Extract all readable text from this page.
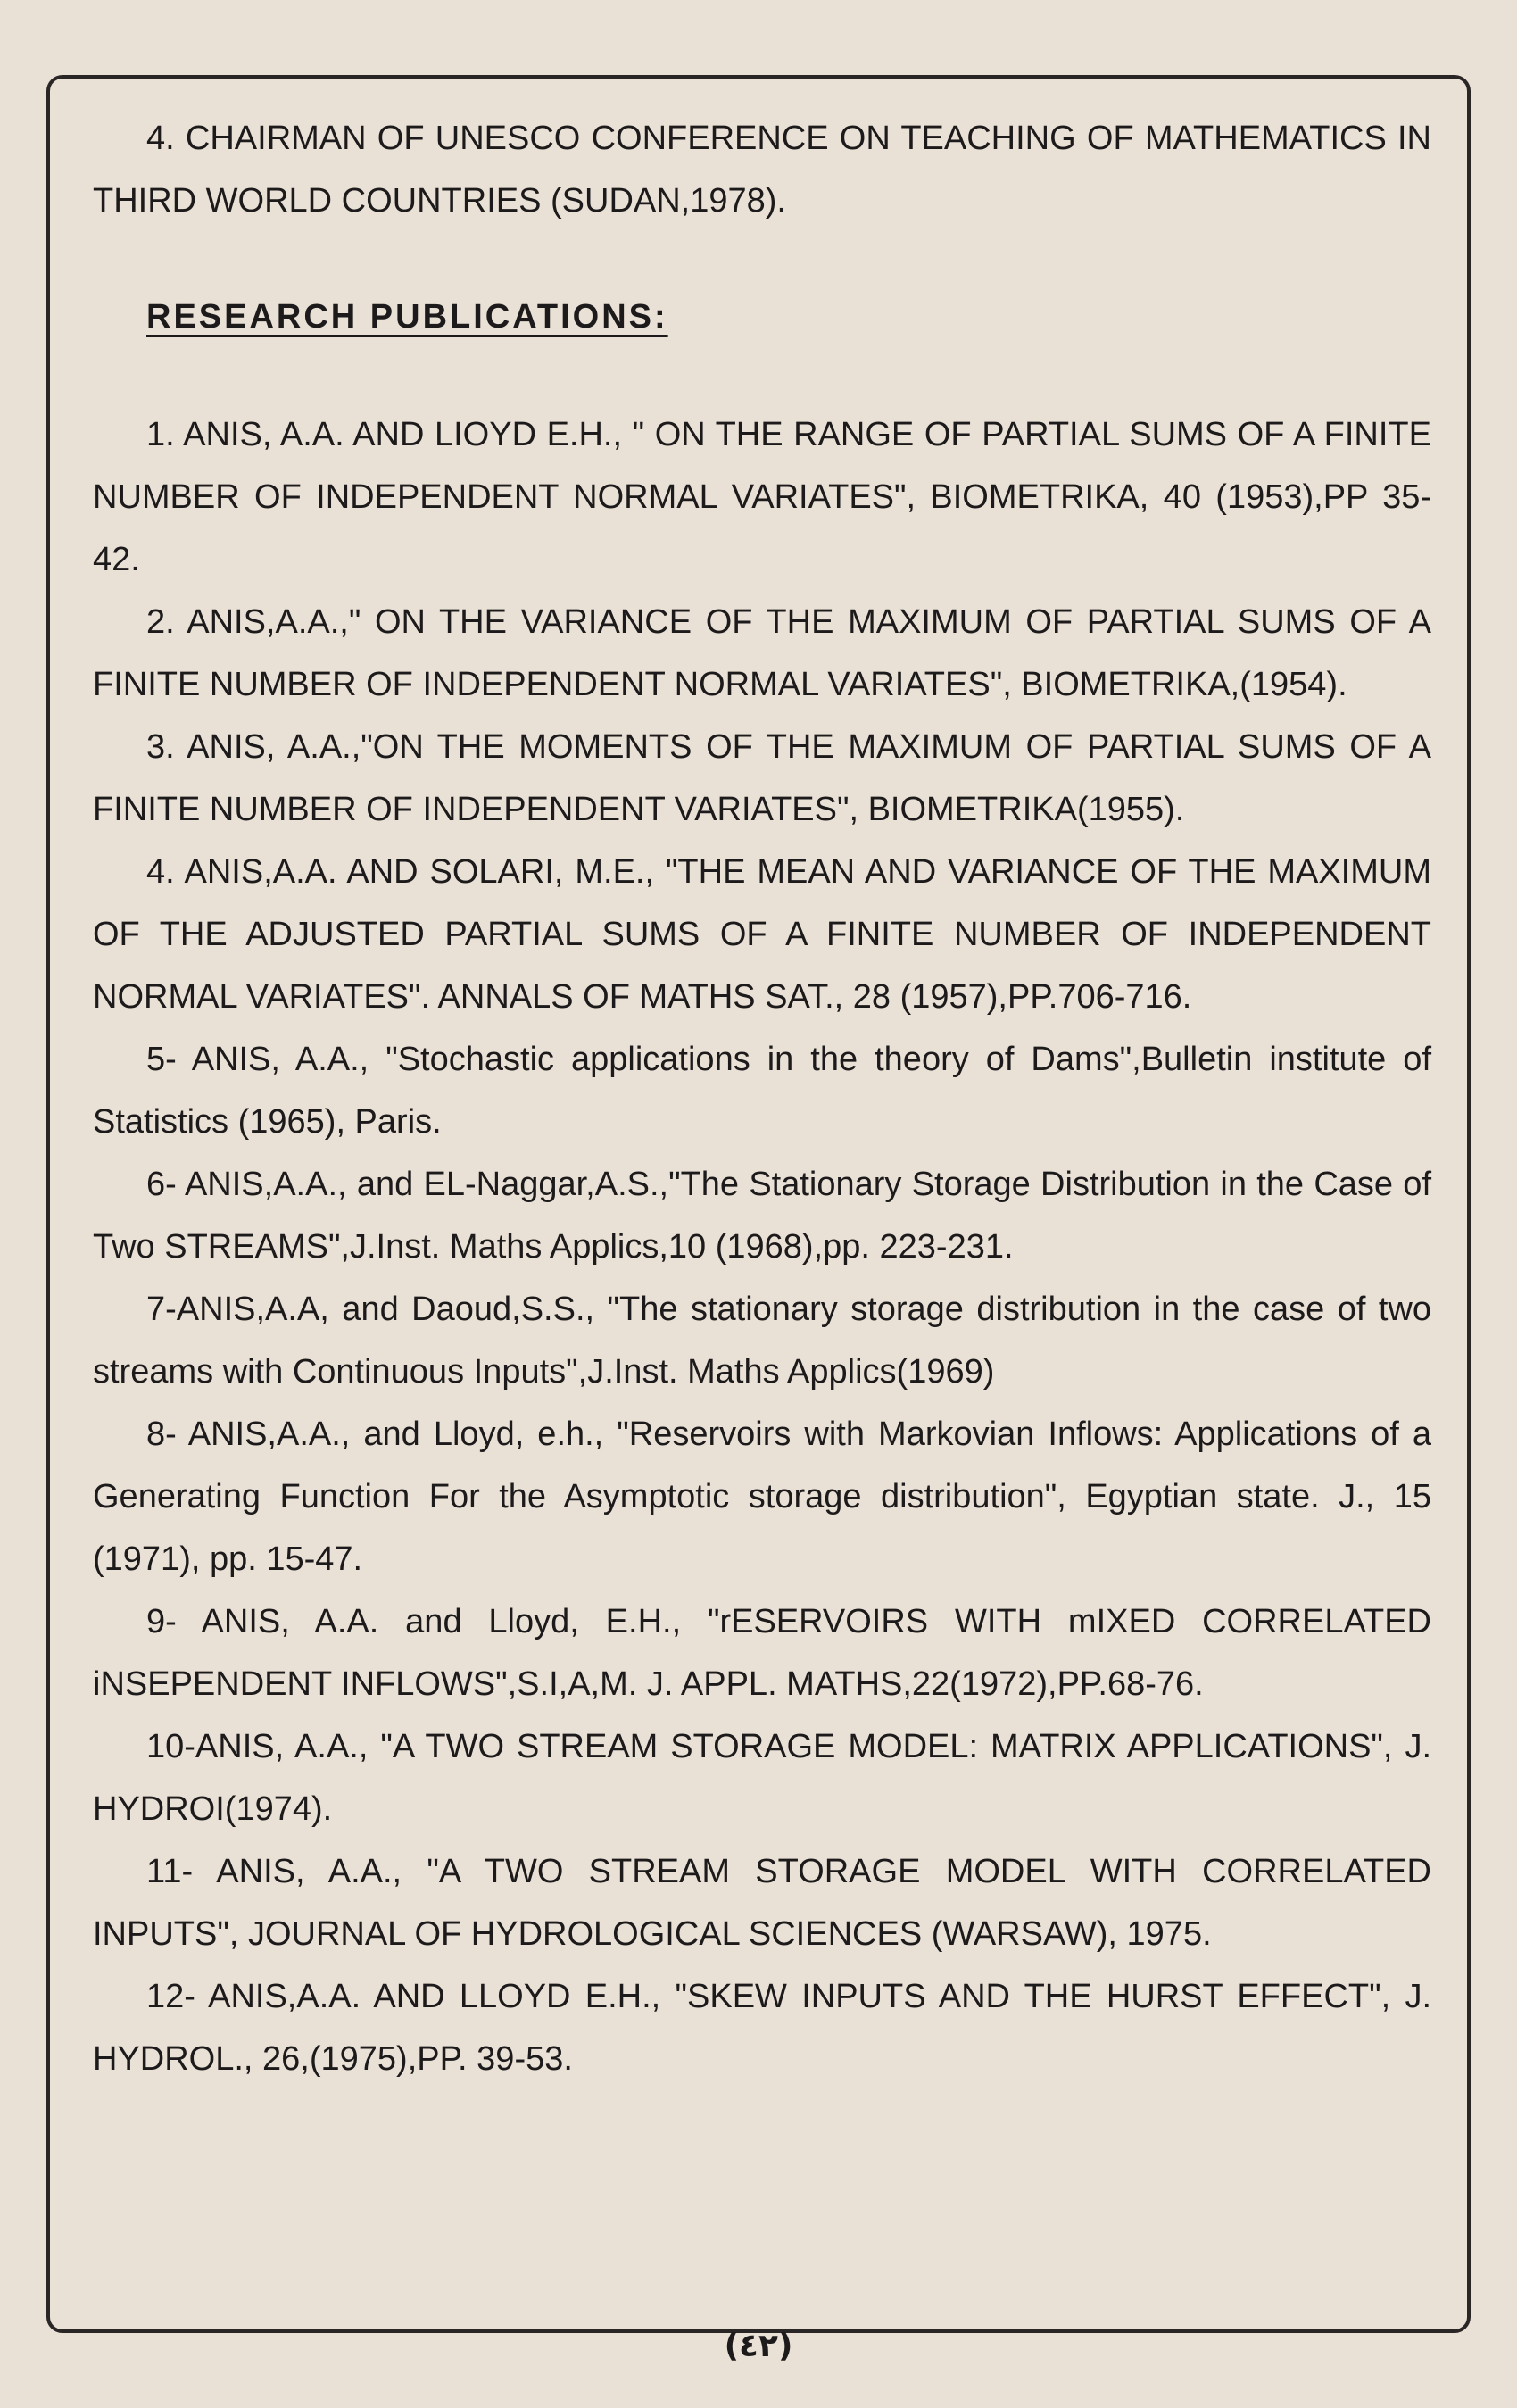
4. CHAIRMAN OF UNESCO CONFERENCE ON TEACHING OF MATHEMATICS IN THIRD WORLD COUNTRIES (SUDAN,1978).

RESEARCH PUBLICATIONS:

1. ANIS, A.A. AND LIOYD E.H., " ON THE RANGE OF PARTIAL SUMS OF A FINITE NUMBER OF INDEPENDENT NORMAL VARIATES", BIOMETRIKA, 40 (1953),PP 35-42.

2. ANIS,A.A.," ON THE VARIANCE OF THE MAXIMUM OF PARTIAL SUMS OF A FINITE NUMBER OF INDEPENDENT NORMAL VARIATES", BIOMETRIKA,(1954).

3. ANIS, A.A.,"ON THE MOMENTS OF THE MAXIMUM OF PARTIAL SUMS OF A FINITE NUMBER OF INDEPENDENT VARIATES", BIOMETRIKA(1955).

4. ANIS,A.A. AND SOLARI, M.E., "THE MEAN AND VARIANCE OF THE MAXIMUM OF THE ADJUSTED PARTIAL SUMS OF A FINITE NUMBER OF INDEPENDENT NORMAL VARIATES". ANNALS OF MATHS SAT., 28 (1957),PP.706-716.

5- ANIS, A.A., "Stochastic applications in the theory of Dams",Bulletin institute of Statistics (1965), Paris.

6- ANIS,A.A., and EL-Naggar,A.S.,"The Stationary Storage Distribution in the Case of Two STREAMS",J.Inst. Maths Applics,10 (1968),pp. 223-231.

7-ANIS,A.A, and Daoud,S.S., "The stationary storage distribution in the case of two streams with Continuous Inputs",J.Inst. Maths Applics(1969)

8- ANIS,A.A., and Lloyd, e.h., "Reservoirs with Markovian Inflows: Applications of a Generating Function For the Asymptotic storage distribution", Egyptian state. J., 15 (1971), pp. 15-47.

9- ANIS, A.A. and Lloyd, E.H., "rESERVOIRS WITH mIXED CORRELATED iNSEPENDENT INFLOWS",S.I,A,M. J. APPL. MATHS,22(1972),PP.68-76.

10-ANIS, A.A., "A TWO STREAM STORAGE MODEL: MATRIX APPLICATIONS", J. HYDROI(1974).

11- ANIS, A.A., "A TWO STREAM STORAGE MODEL WITH CORRELATED INPUTS", JOURNAL OF HYDROLOGICAL SCIENCES (WARSAW), 1975.

12- ANIS,A.A. AND LLOYD E.H., "SKEW INPUTS AND THE HURST EFFECT", J. HYDROL., 26,(1975),PP. 39-53.

(٤٢)
